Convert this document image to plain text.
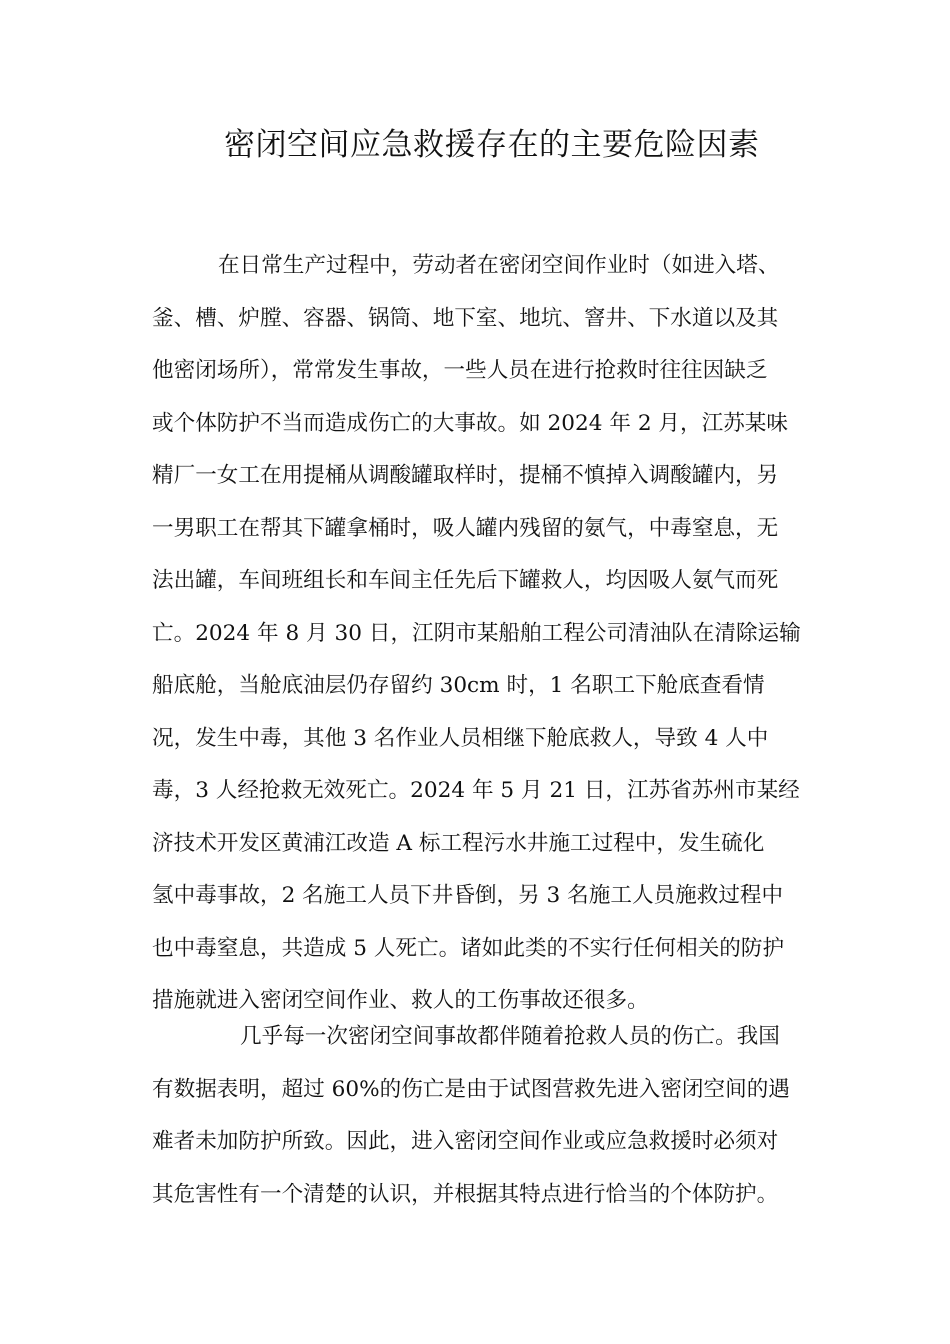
密闭空间应急救援存在的主要危险因素

在日常生产过程中，劳动者在密闭空间作业时（如进入塔、
釜、槽、炉膛、容器、锅筒、地下室、地坑、窨井、下水道以及其
他密闭场所），常常发生事故，一些人员在进行抢救时往往因缺乏
或个体防护不当而造成伤亡的大事故。如 2024 年 2 月，江苏某味
精厂一女工在用提桶从调酸罐取样时，提桶不慎掉入调酸罐内，另
一男职工在帮其下罐拿桶时，吸人罐内残留的氨气，中毒窒息，无
法出罐，车间班组长和车间主任先后下罐救人，均因吸人氨气而死
亡。2024 年 8 月 30 日，江阴市某船舶工程公司清油队在清除运输
船底舱，当舱底油层仍存留约 30cm 时，1 名职工下舱底查看情
况，发生中毒，其他 3 名作业人员相继下舱底救人，导致 4 人中
毒，3 人经抢救无效死亡。2024 年 5 月 21 日，江苏省苏州市某经
济技术开发区黄浦江改造 A 标工程污水井施工过程中，发生硫化
氢中毒事故，2 名施工人员下井昏倒，另 3 名施工人员施救过程中
也中毒窒息，共造成 5 人死亡。诸如此类的不实行任何相关的防护
措施就进入密闭空间作业、救人的工伤事故还很多。

几乎每一次密闭空间事故都伴随着抢救人员的伤亡。我国
有数据表明，超过 60%的伤亡是由于试图营救先进入密闭空间的遇
难者未加防护所致。因此，进入密闭空间作业或应急救援时必须对
其危害性有一个清楚的认识，并根据其特点进行恰当的个体防护。
